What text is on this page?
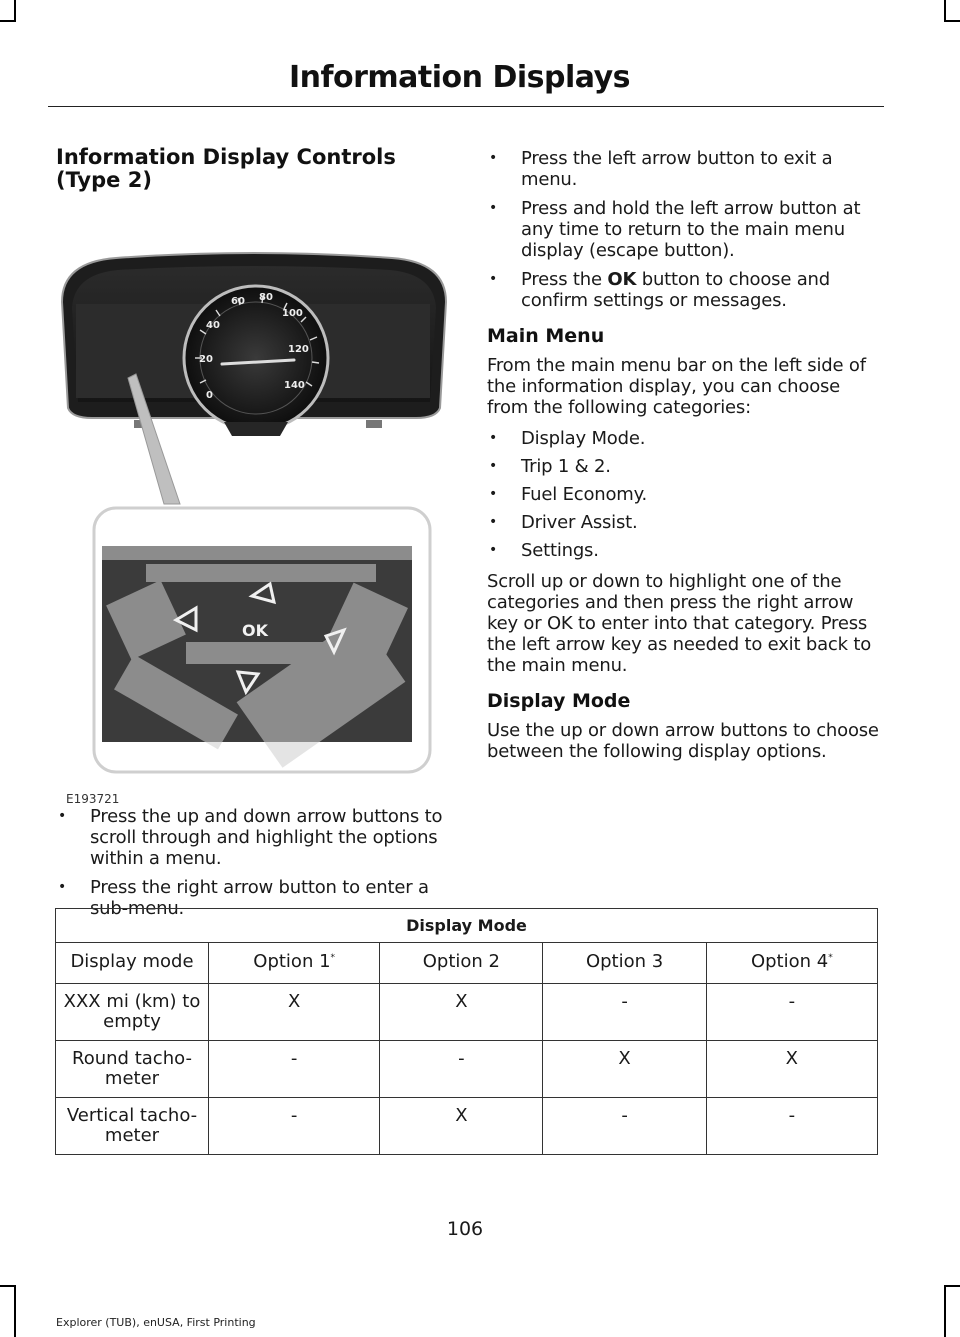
Information Displays
Information Display Controls (Type 2)
0
20
40
60 80
100
120
140
OK
E193721
• Press the up and down arrow buttons to scroll through and highlight the options within a menu.
• Press the right arrow button to enter a sub-menu.
• Press the left arrow button to exit a menu.
• Press and hold the left arrow button at any time to return to the main menu display (escape button).
• Press the OK button to choose and confirm settings or messages.
Main Menu

From the main menu bar on the left side of the information display, you can choose from the following categories:

• Display Mode.
• Trip 1 & 2.
• Fuel Economy.
• Driver Assist.
• Settings.

Scroll up or down to highlight one of the categories and then press the right arrow key or OK to enter into that category. Press the left arrow key as needed to exit back to the main menu.

Display Mode

Use the up or down arrow buttons to choose between the following display options.

Display Mode				
Display mode	Option 1*	Option 2	Option 3	Option 4*
XXX mi (km) to empty	X	X	-	-
Round tacho-meter	-	-	X	X
Vertical tacho-meter	-	X	-	-
106
Explorer (TUB), enUSA, First Printing
